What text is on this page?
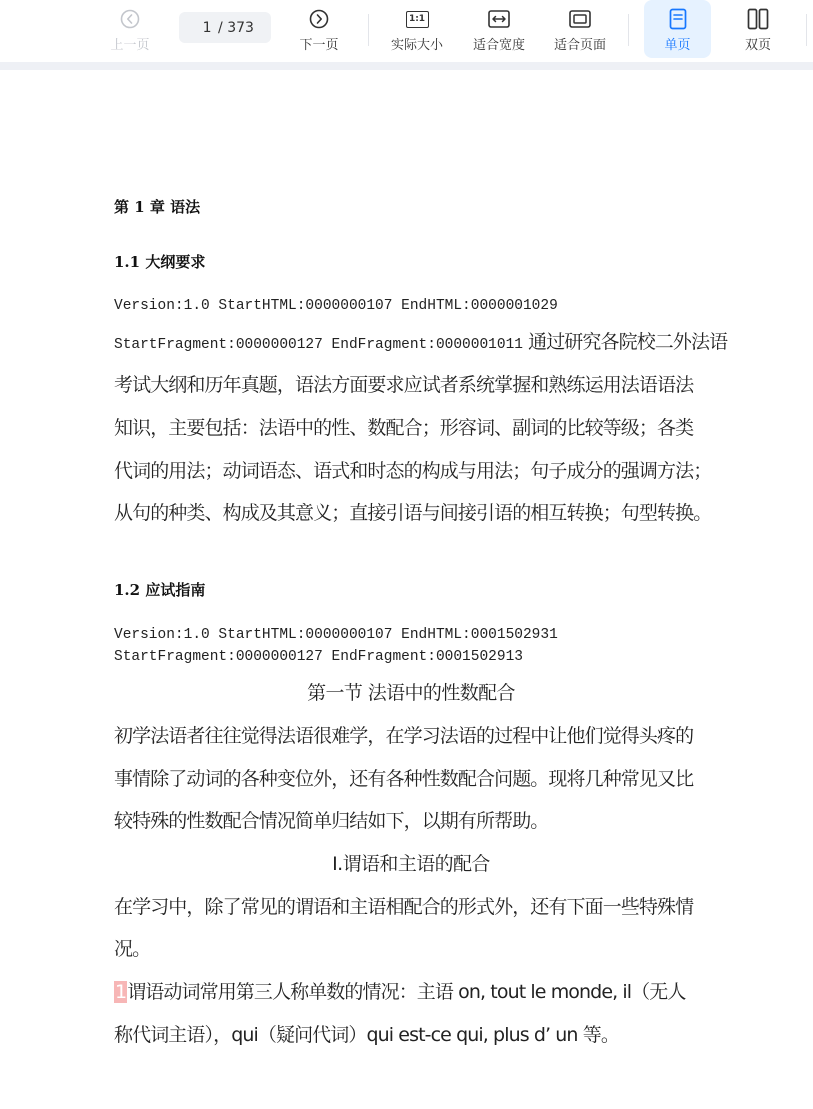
上一页
1
/ 373
下一页
1:1
实际大小 适合宽度 适合页面	单页	双页
第 1 章 语法
1.1 大纲要求
Version:1.0 StartHTML:0000000107 EndHTML:0000001029
StartFragment:0000000127 EndFragment:0000001011 通过研究各院校二外法语
考试大纲和历年真题，语法方面要求应试者系统掌握和熟练运用法语语法
知识，主要包括：法语中的性、数配合；形容词、副词的比较等级；各类
代词的用法；动词语态、语式和时态的构成与用法；句子成分的强调方法；
从句的种类、构成及其意义；直接引语与间接引语的相互转换；句型转换。
1.2 应试指南
Version:1.0 StartHTML:0000000107 EndHTML:0001502931
StartFragment:0000000127 EndFragment:0001502913
第一节 法语中的性数配合
初学法语者往往觉得法语很难学，在学习法语的过程中让他们觉得头疼的
事情除了动词的各种变位外，还有各种性数配合问题。现将几种常见又比
较特殊的性数配合情况简单归结如下，以期有所帮助。
Ⅰ.谓语和主语的配合
在学习中，除了常见的谓语和主语相配合的形式外，还有下面一些特殊情
况。
1谓语动词常用第三人称单数的情况：主语 on, tout le monde, il（无人
称代词主语），qui（疑问代词）qui est-ce qui, plus d’ un 等。
